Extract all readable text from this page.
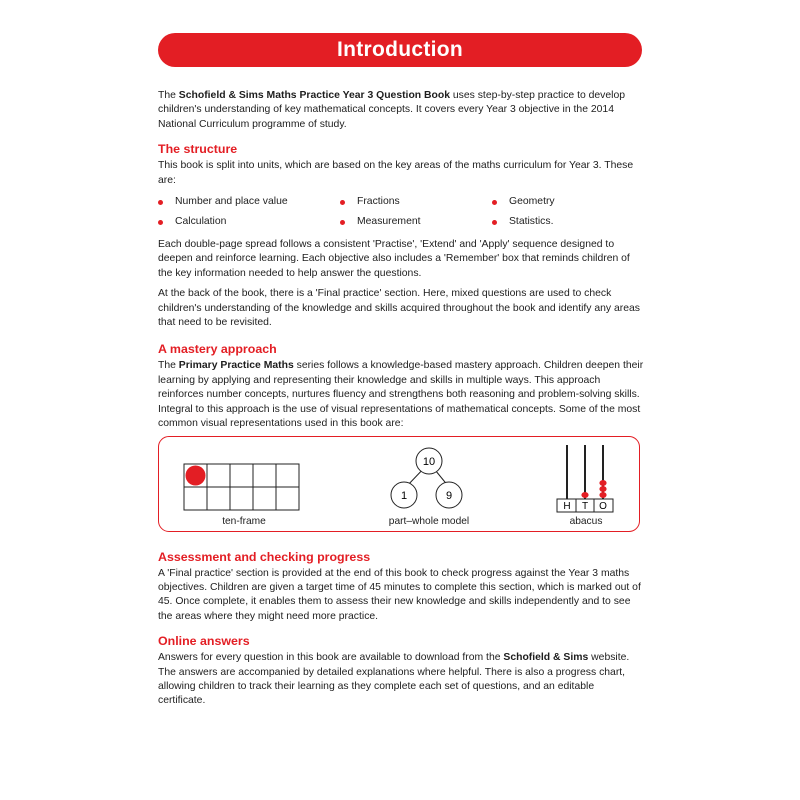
Introduction

The Schofield & Sims Maths Practice Year 3 Question Book uses step-by-step practice to develop children's understanding of key mathematical concepts. It covers every Year 3 objective in the 2014 National Curriculum programme of study.

The structure

This book is split into units, which are based on the key areas of the maths curriculum for Year 3. These are:

Number and place value	Fractions	Geometry
Calculation	Measurement	Statistics.

Each double-page spread follows a consistent 'Practise', 'Extend' and 'Apply' sequence designed to deepen and reinforce learning. Each objective also includes a 'Remember' box that reminds children of the key information needed to help answer the questions.

At the back of the book, there is a 'Final practice' section. Here, mixed questions are used to check children's understanding of the knowledge and skills acquired throughout the book and identify any areas that need to be revisited.

A mastery approach

The Primary Practice Maths series follows a knowledge-based mastery approach. Children deepen their learning by applying and representing their knowledge and skills in multiple ways. This approach reinforces number concepts, nurtures fluency and strengthens both reasoning and problem-solving skills. Integral to this approach is the use of visual representations of mathematical concepts. Some of the most common visual representations used in this book are:

10
1	9
H T O
ten-frame	part–whole model	abacus
Assessment and checking progress

A 'Final practice' section is provided at the end of this book to check progress against the Year 3 maths objectives. Children are given a target time of 45 minutes to complete this section, which is marked out of 45. Once complete, it enables them to assess their new knowledge and skills independently and to see the areas where they might need more practice.

Online answers

Answers for every question in this book are available to download from the Schofield & Sims website. The answers are accompanied by detailed explanations where helpful. There is also a progress chart, allowing children to track their learning as they complete each set of questions, and an editable certificate.
